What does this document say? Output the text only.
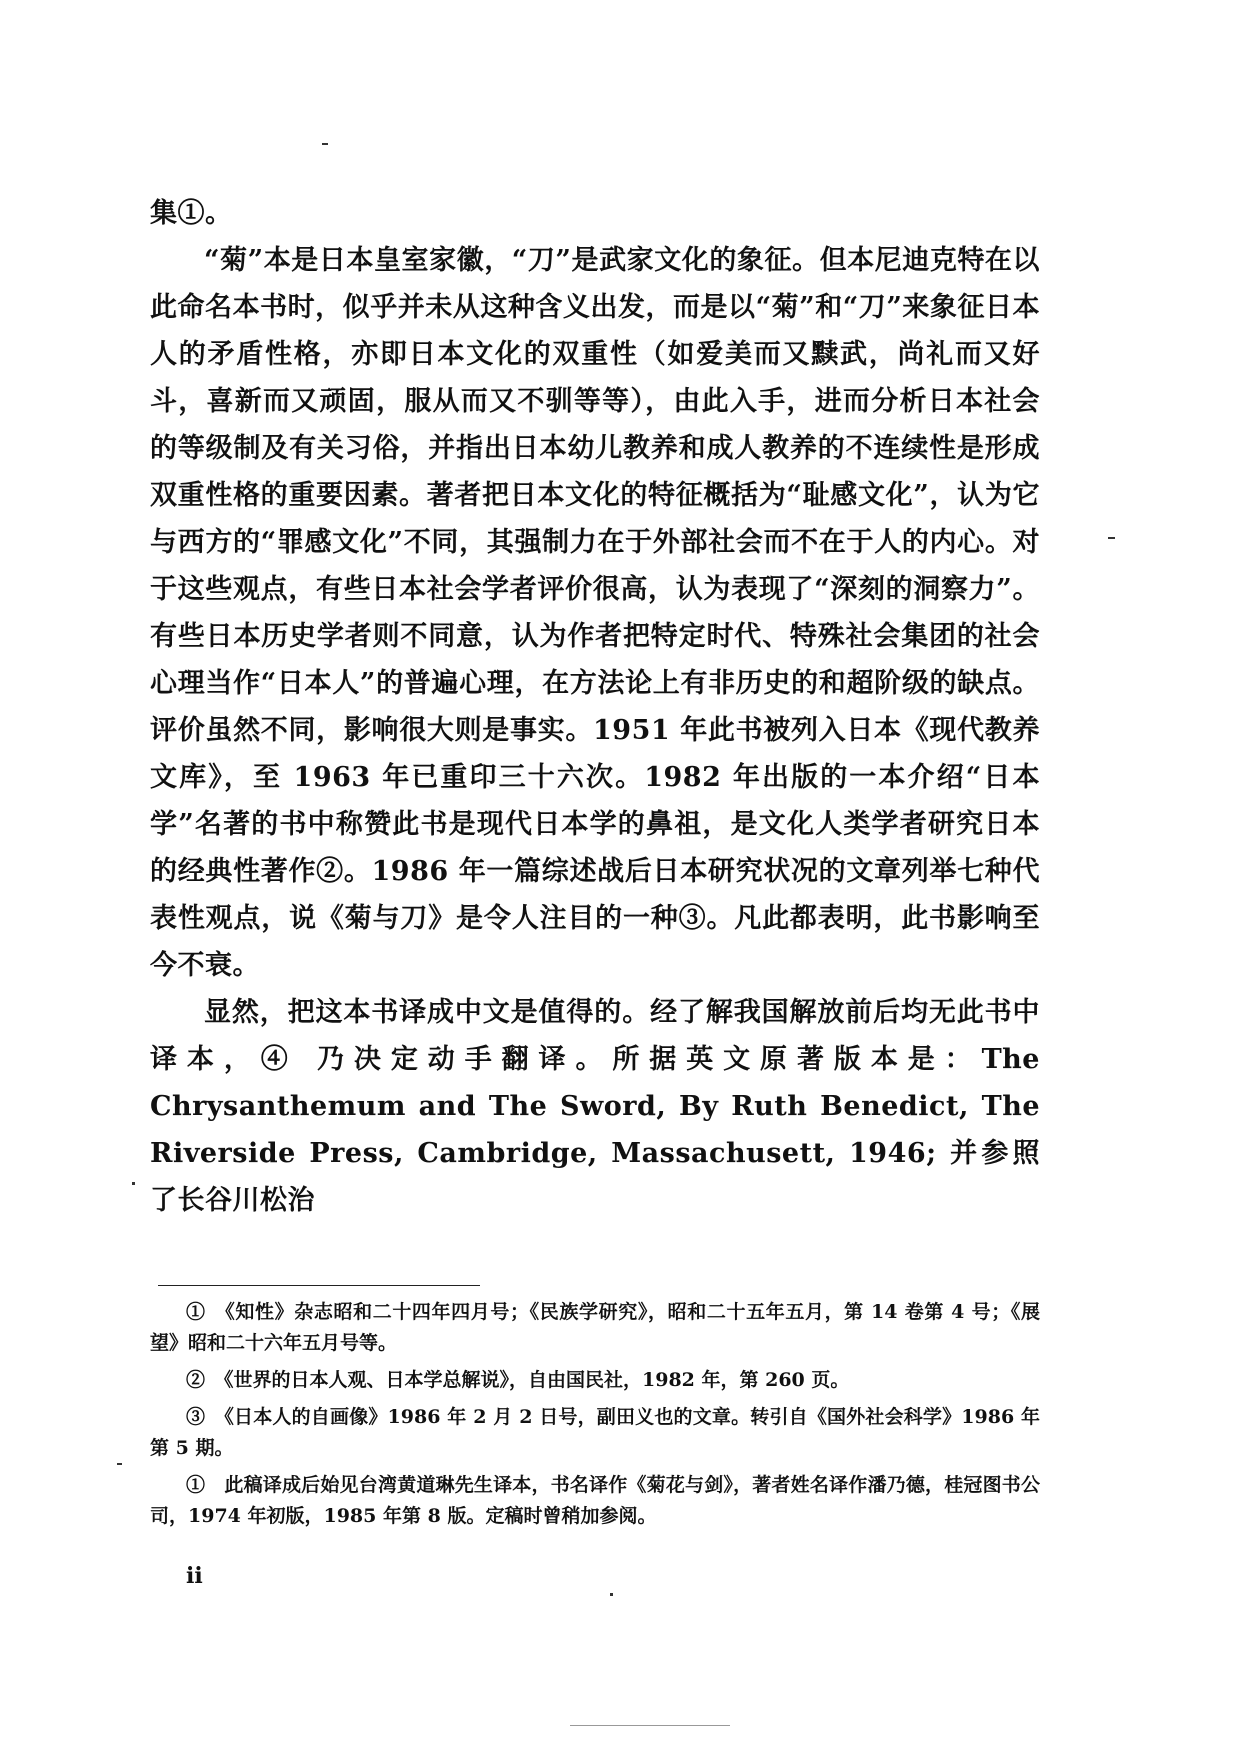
集①。

“菊”本是日本皇室家徽，“刀”是武家文化的象征。但本尼迪克特在以此命名本书时，似乎并未从这种含义出发，而是以“菊”和“刀”来象征日本人的矛盾性格，亦即日本文化的双重性（如爱美而又黩武，尚礼而又好斗，喜新而又顽固，服从而又不驯等等），由此入手，进而分析日本社会的等级制及有关习俗，并指出日本幼儿教养和成人教养的不连续性是形成双重性格的重要因素。著者把日本文化的特征概括为“耻感文化”，认为它与西方的“罪感文化”不同，其强制力在于外部社会而不在于人的内心。对于这些观点，有些日本社会学者评价很高，认为表现了“深刻的洞察力”。有些日本历史学者则不同意，认为作者把特定时代、特殊社会集团的社会心理当作“日本人”的普遍心理，在方法论上有非历史的和超阶级的缺点。评价虽然不同，影响很大则是事实。1951 年此书被列入日本《现代教养文库》，至 1963 年已重印三十六次。1982 年出版的一本介绍“日本学”名著的书中称赞此书是现代日本学的鼻祖，是文化人类学者研究日本的经典性著作②。1986 年一篇综述战后日本研究状况的文章列举七种代表性观点，说《菊与刀》是令人注目的一种③。凡此都表明，此书影响至今不衰。

显然，把这本书译成中文是值得的。经了解我国解放前后均无此书中译本，④ 乃决定动手翻译。所据英文原著版本是：The Chrysanthemum and The Sword, By Ruth Benedict, The Riverside Press, Cambridge, Massachusett, 1946; 并参照了长谷川松治

①　《知性》杂志昭和二十四年四月号；《民族学研究》，昭和二十五年五月，第 14 卷第 4 号；《展望》昭和二十六年五月号等。

②　《世界的日本人观、日本学总解说》，自由国民社，1982 年，第 260 页。

③　《日本人的自画像》1986 年 2 月 2 日号，副田义也的文章。转引自《国外社会科学》1986 年第 5 期。

①　此稿译成后始见台湾黄道琳先生译本，书名译作《菊花与剑》，著者姓名译作潘乃德，桂冠图书公司，1974 年初版，1985 年第 8 版。定稿时曾稍加参阅。

ii
